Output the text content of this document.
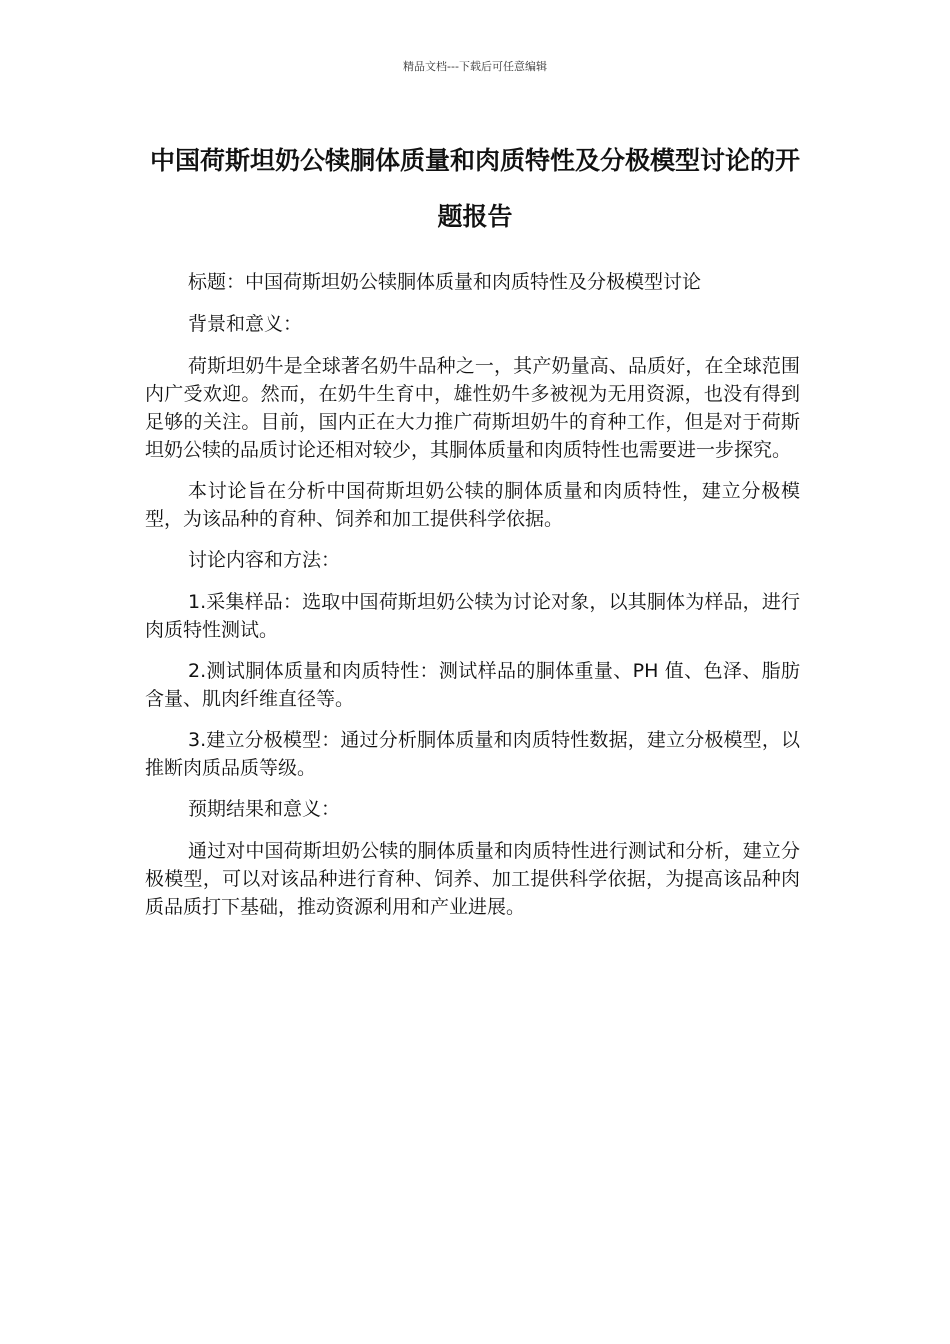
精品文档---下载后可任意编辑
中国荷斯坦奶公犊胴体质量和肉质特性及分极模型讨论的开题报告

标题：中国荷斯坦奶公犊胴体质量和肉质特性及分极模型讨论

背景和意义：

荷斯坦奶牛是全球著名奶牛品种之一，其产奶量高、品质好，在全球范围内广受欢迎。然而，在奶牛生育中，雄性奶牛多被视为无用资源，也没有得到足够的关注。目前，国内正在大力推广荷斯坦奶牛的育种工作，但是对于荷斯坦奶公犊的品质讨论还相对较少，其胴体质量和肉质特性也需要进一步探究。

本讨论旨在分析中国荷斯坦奶公犊的胴体质量和肉质特性，建立分极模型，为该品种的育种、饲养和加工提供科学依据。

讨论内容和方法：

1.采集样品：选取中国荷斯坦奶公犊为讨论对象，以其胴体为样品，进行肉质特性测试。

2.测试胴体质量和肉质特性：测试样品的胴体重量、PH 值、色泽、脂肪含量、肌肉纤维直径等。

3.建立分极模型：通过分析胴体质量和肉质特性数据，建立分极模型，以推断肉质品质等级。

预期结果和意义：

通过对中国荷斯坦奶公犊的胴体质量和肉质特性进行测试和分析，建立分极模型，可以对该品种进行育种、饲养、加工提供科学依据，为提高该品种肉质品质打下基础，推动资源利用和产业进展。
